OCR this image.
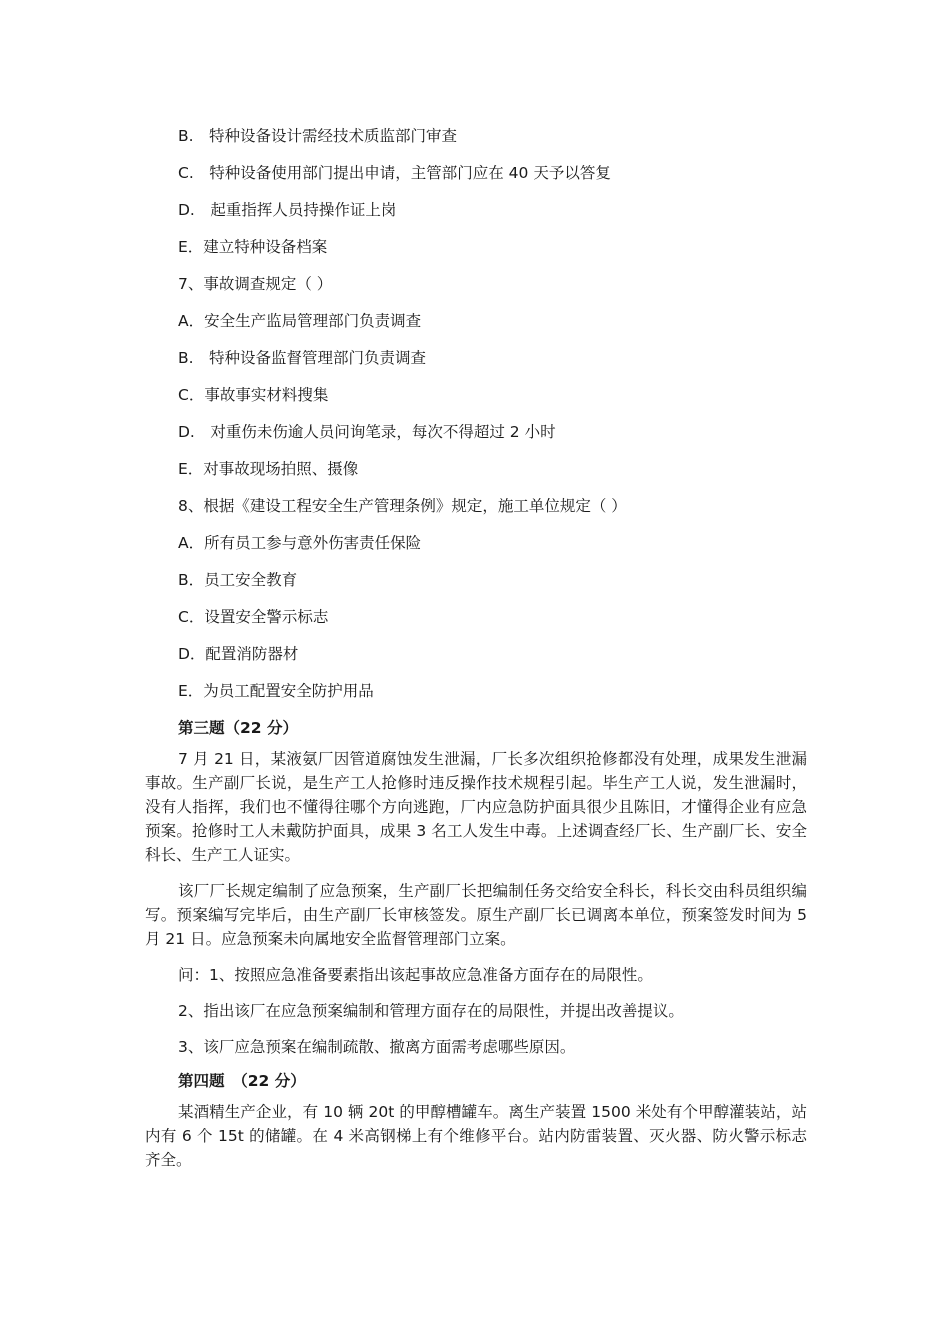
B.　特种设备设计需经技术质监部门审查
C.　特种设备使用部门提出申请，主管部门应在 40 天予以答复
D.　起重指挥人员持操作证上岗
E．建立特种设备档案
7、事故调查规定（ ）
A．安全生产监局管理部门负责调查
B.　特种设备监督管理部门负责调查
C．事故事实材料搜集
D.　对重伤未伤逾人员问询笔录，每次不得超过 2 小时
E．对事故现场拍照、摄像
8、根据《建设工程安全生产管理条例》规定，施工单位规定（ ）
A．所有员工参与意外伤害责任保险
B．员工安全教育
C．设置安全警示标志
D．配置消防器材
E．为员工配置安全防护用品
第三题（22 分）

7 月 21 日，某液氨厂因管道腐蚀发生泄漏，厂长多次组织抢修都没有处理，成果发生泄漏事故。生产副厂长说，是生产工人抢修时违反操作技术规程引起。毕生产工人说，发生泄漏时，没有人指挥，我们也不懂得往哪个方向逃跑，厂内应急防护面具很少且陈旧，才懂得企业有应急预案。抢修时工人未戴防护面具，成果 3 名工人发生中毒。上述调查经厂长、生产副厂长、安全科长、生产工人证实。

该厂厂长规定编制了应急预案，生产副厂长把编制任务交给安全科长，科长交由科员组织编写。预案编写完毕后，由生产副厂长审核签发。原生产副厂长已调离本单位，预案签发时间为 5 月 21 日。应急预案未向属地安全监督管理部门立案。

问：1、按照应急准备要素指出该起事故应急准备方面存在的局限性。

2、指出该厂在应急预案编制和管理方面存在的局限性，并提出改善提议。

3、该厂应急预案在编制疏散、撤离方面需考虑哪些原因。

第四题　（22 分）

某酒精生产企业，有 10 辆 20t 的甲醇槽罐车。离生产装置 1500 米处有个甲醇灌装站，站内有 6 个 15t 的储罐。在 4 米高钢梯上有个维修平台。站内防雷装置、灭火器、防火警示标志齐全。
